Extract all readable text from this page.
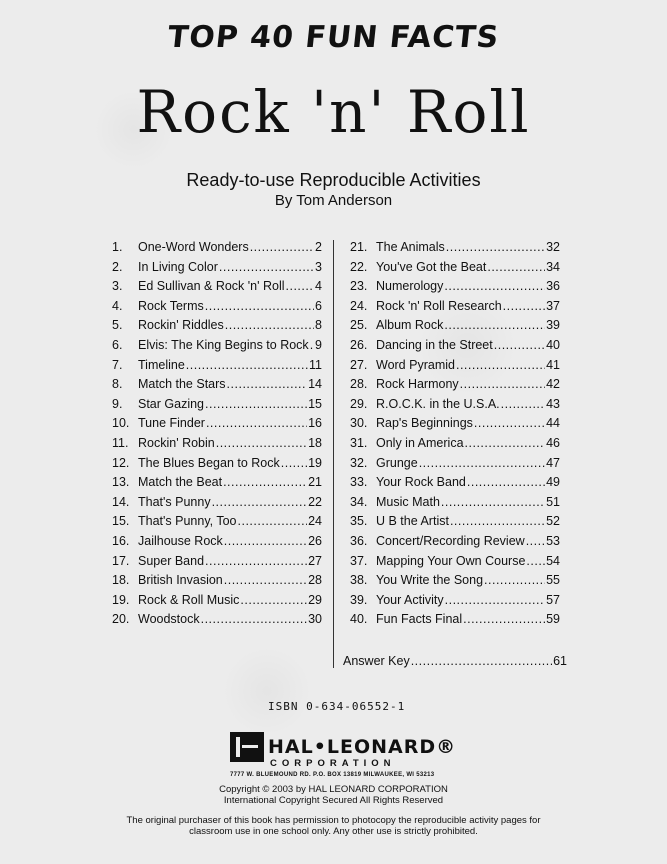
TOP 40 FUN FACTS
Rock 'n' Roll
Ready-to-use Reproducible Activities
By Tom Anderson
1.	One-Word Wonders .....	2
2.	In Living Color .....	3
3.	Ed Sullivan & Rock 'n' Roll ..... 4
4.	Rock Terms .....	6
5.	Rockin' Riddles .....	8
6.	Elvis: The King Begins to Rock ..... 9
7.	Timeline .....	11
8.	Match the Stars .....	14
9.	Star Gazing .....	15
10. Tune Finder .....	16
11. Rockin' Robin .....	18
12. The Blues Began to Rock ..... 19
13. Match the Beat .....	21
14. That's Punny .....	22
15. That's Punny, Too .....	24
16. Jailhouse Rock .....	26
17. Super Band .....	27
18. British Invasion .....	28
19. Rock & Roll Music .....	29
20. Woodstock .....	30
21. The Animals .....	32
22. You've Got the Beat .....	34
23. Numerology .....	36
24. Rock 'n' Roll Research .....	37
25. Album Rock .....	39
26. Dancing in the Street .....	40
27. Word Pyramid .....	41
28. Rock Harmony .....	42
29. R.O.C.K. in the U.S.A. .....	43
30. Rap's Beginnings .....	44
31. Only in America .....	46
32. Grunge .....	47
33. Your Rock Band .....	49
34. Music Math .....	51
35. U B the Artist .....	52
36. Concert/Recording Review ..... 53
37. Mapping Your Own Course ..... 54
38. You Write the Song .....	55
39. Your Activity .....	57
40. Fun Facts Final .....	59
Answer Key .....	61
ISBN 0-634-06552-1
HAL•LEONARD®
CORPORATION
7777 W. BLUEMOUND RD. P.O. BOX 13819 MILWAUKEE, WI 53213
Copyright © 2003 by HAL LEONARD CORPORATION
International Copyright Secured All Rights Reserved
The original purchaser of this book has permission to photocopy the reproducible activity pages for
classroom use in one school only. Any other use is strictly prohibited.
